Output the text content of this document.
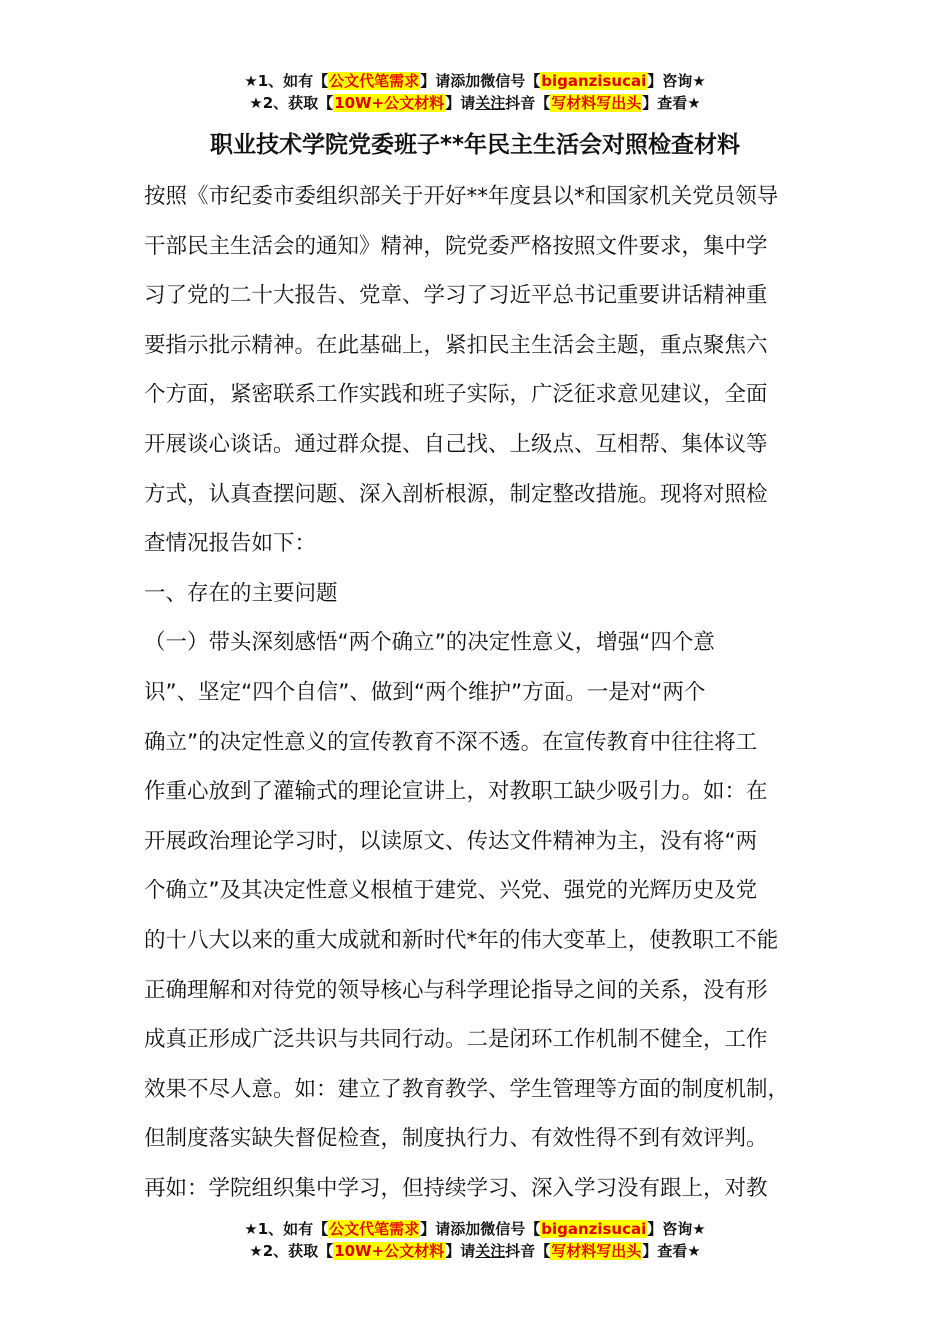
★1、如有【公文代笔需求】请添加微信号【biganzisucai】咨询★
★2、获取【10W+公文材料】请关注抖音【写材料写出头】查看★
职业技术学院党委班子**年民主生活会对照检查材料
按照《市纪委市委组织部关于开好**年度县以*和国家机关党员领导
干部民主生活会的通知》精神，院党委严格按照文件要求，集中学
习了党的二十大报告、党章、学习了习近平总书记重要讲话精神重
要指示批示精神。在此基础上，紧扣民主生活会主题，重点聚焦六
个方面，紧密联系工作实践和班子实际，广泛征求意见建议，全面
开展谈心谈话。通过群众提、自己找、上级点、互相帮、集体议等
方式，认真查摆问题、深入剖析根源，制定整改措施。现将对照检
查情况报告如下：
一、存在的主要问题
（一）带头深刻感悟“两个确立”的决定性意义，增强“四个意
识”、坚定“四个自信”、做到“两个维护”方面。一是对“两个
确立”的决定性意义的宣传教育不深不透。在宣传教育中往往将工
作重心放到了灌输式的理论宣讲上，对教职工缺少吸引力。如：在
开展政治理论学习时，以读原文、传达文件精神为主，没有将“两
个确立”及其决定性意义根植于建党、兴党、强党的光辉历史及党
的十八大以来的重大成就和新时代*年的伟大变革上，使教职工不能
正确理解和对待党的领导核心与科学理论指导之间的关系，没有形
成真正形成广泛共识与共同行动。二是闭环工作机制不健全，工作
效果不尽人意。如：建立了教育教学、学生管理等方面的制度机制，
但制度落实缺失督促检查，制度执行力、有效性得不到有效评判。
再如：学院组织集中学习，但持续学习、深入学习没有跟上，对教
★1、如有【公文代笔需求】请添加微信号【biganzisucai】咨询★
★2、获取【10W+公文材料】请关注抖音【写材料写出头】查看★
